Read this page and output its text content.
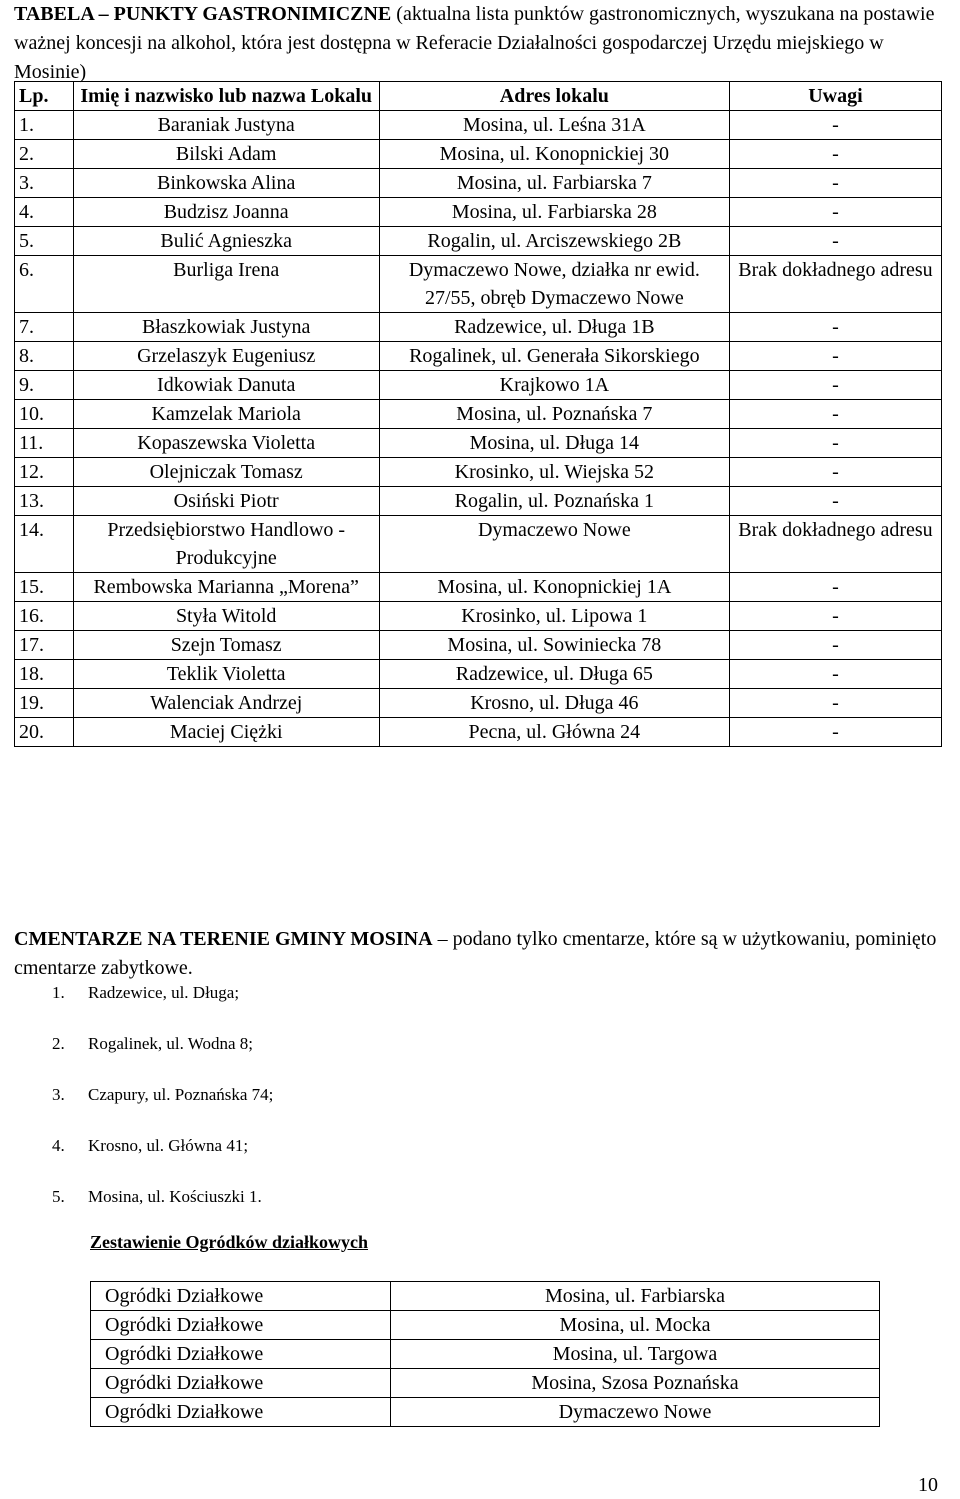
TABELA – PUNKTY GASTRONIMICZNE (aktualna lista punktów gastronomicznych, wyszukana na postawie ważnej koncesji na alkohol, która jest dostępna w Referacie Działalności gospodarczej Urzędu miejskiego w Mosinie)
Lp.	Imię i nazwisko lub nazwa Lokalu	Adres lokalu	Uwagi
1.	Baraniak Justyna	Mosina, ul. Leśna 31A	-
2.	Bilski Adam	Mosina, ul. Konopnickiej 30	-
3.	Binkowska Alina	Mosina, ul. Farbiarska 7	-
4.	Budzisz Joanna	Mosina, ul. Farbiarska 28	-
5.	Bulić Agnieszka	Rogalin, ul. Arciszewskiego 2B	-
6.	Burliga Irena	Dymaczewo Nowe, działka nr ewid. 27/55, obręb Dymaczewo Nowe	Brak dokładnego adresu
7.	Błaszkowiak Justyna	Radzewice, ul. Długa 1B	-
8.	Grzelaszyk Eugeniusz	Rogalinek, ul. Generała Sikorskiego	-
9.	Idkowiak Danuta	Krajkowo 1A	-
10.	Kamzelak Mariola	Mosina, ul. Poznańska 7	-
11.	Kopaszewska Violetta	Mosina, ul. Długa 14	-
12.	Olejniczak Tomasz	Krosinko, ul. Wiejska 52	-
13.	Osiński Piotr	Rogalin, ul. Poznańska 1	-
14.	Przedsiębiorstwo Handlowo - Produkcyjne	Dymaczewo Nowe	Brak dokładnego adresu
15.	Rembowska Marianna „Morena”	Mosina, ul. Konopnickiej 1A	-
16.	Styła Witold	Krosinko, ul. Lipowa 1	-
17.	Szejn Tomasz	Mosina, ul. Sowiniecka 78	-
18.	Teklik Violetta	Radzewice, ul. Długa 65	-
19.	Walenciak Andrzej	Krosno, ul. Długa 46	-
20.	Maciej Ciężki	Pecna, ul. Główna 24	-
CMENTARZE NA TERENIE GMINY MOSINA – podano tylko cmentarze, które są w użytkowaniu, pominięto cmentarze zabytkowe.
1. Radzewice, ul. Długa;
2. Rogalinek, ul. Wodna 8;
3. Czapury, ul. Poznańska 74;
4. Krosno, ul. Główna 41;
5. Mosina, ul. Kościuszki 1.
Zestawienie Ogródków działkowych
Ogródki Działkowe	Mosina, ul. Farbiarska
Ogródki Działkowe	Mosina, ul. Mocka
Ogródki Działkowe	Mosina, ul. Targowa
Ogródki Działkowe	Mosina, Szosa Poznańska
Ogródki Działkowe	Dymaczewo Nowe
10
